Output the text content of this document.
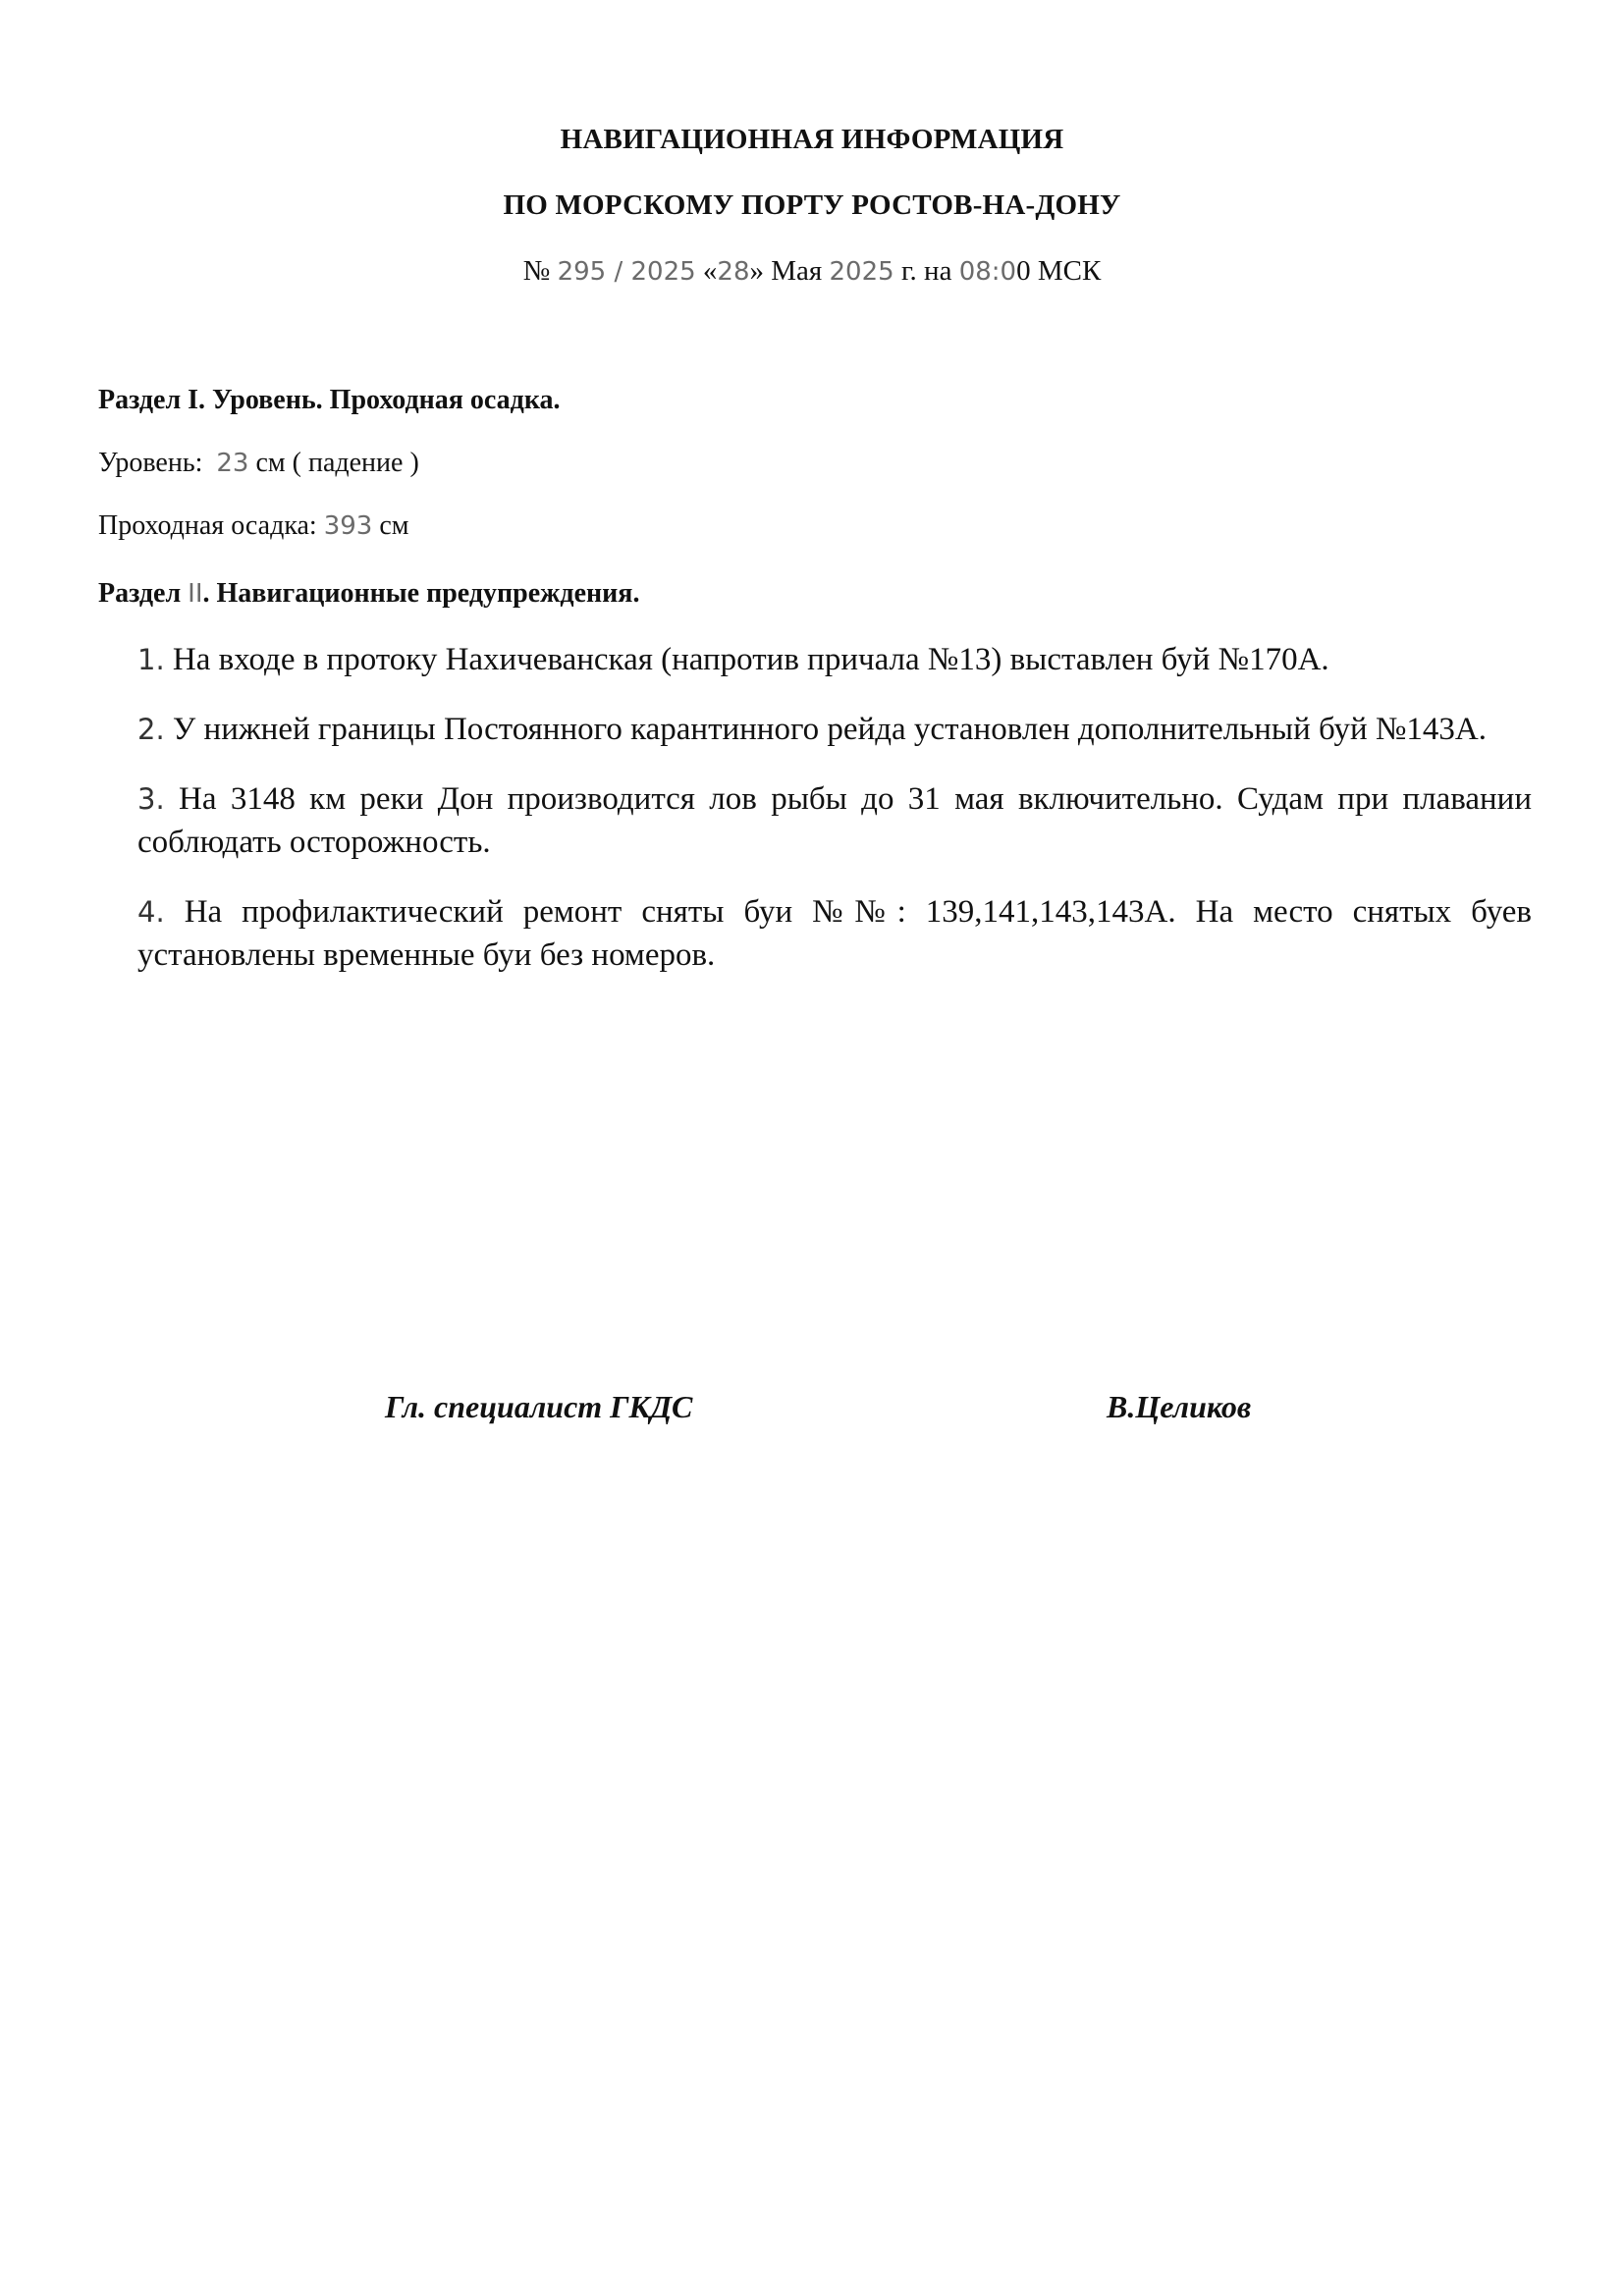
НАВИГАЦИОННАЯ ИНФОРМАЦИЯ
ПО МОРСКОМУ ПОРТУ РОСТОВ-НА-ДОНУ
№ 295 / 2025 «28» Мая 2025 г. на 08:00 МСК
Раздел I. Уровень. Проходная осадка.
Уровень: 23 см ( падение )
Проходная осадка: 393 см
Раздел II. Навигационные предупреждения.

1. На входе в протоку Нахичеванская (напротив причала №13) выставлен буй №170А.

2. У нижней границы Постоянного карантинного рейда установлен дополнительный буй №143А.

3. На 3148 км реки Дон производится лов рыбы до 31 мая включительно. Судам при плавании соблюдать осторожность.

4. На профилактический ремонт сняты буи №№: 139,141,143,143А. На место снятых буев установлены временные буи без номеров.

Гл. специалист ГКДС	В.Целиков
